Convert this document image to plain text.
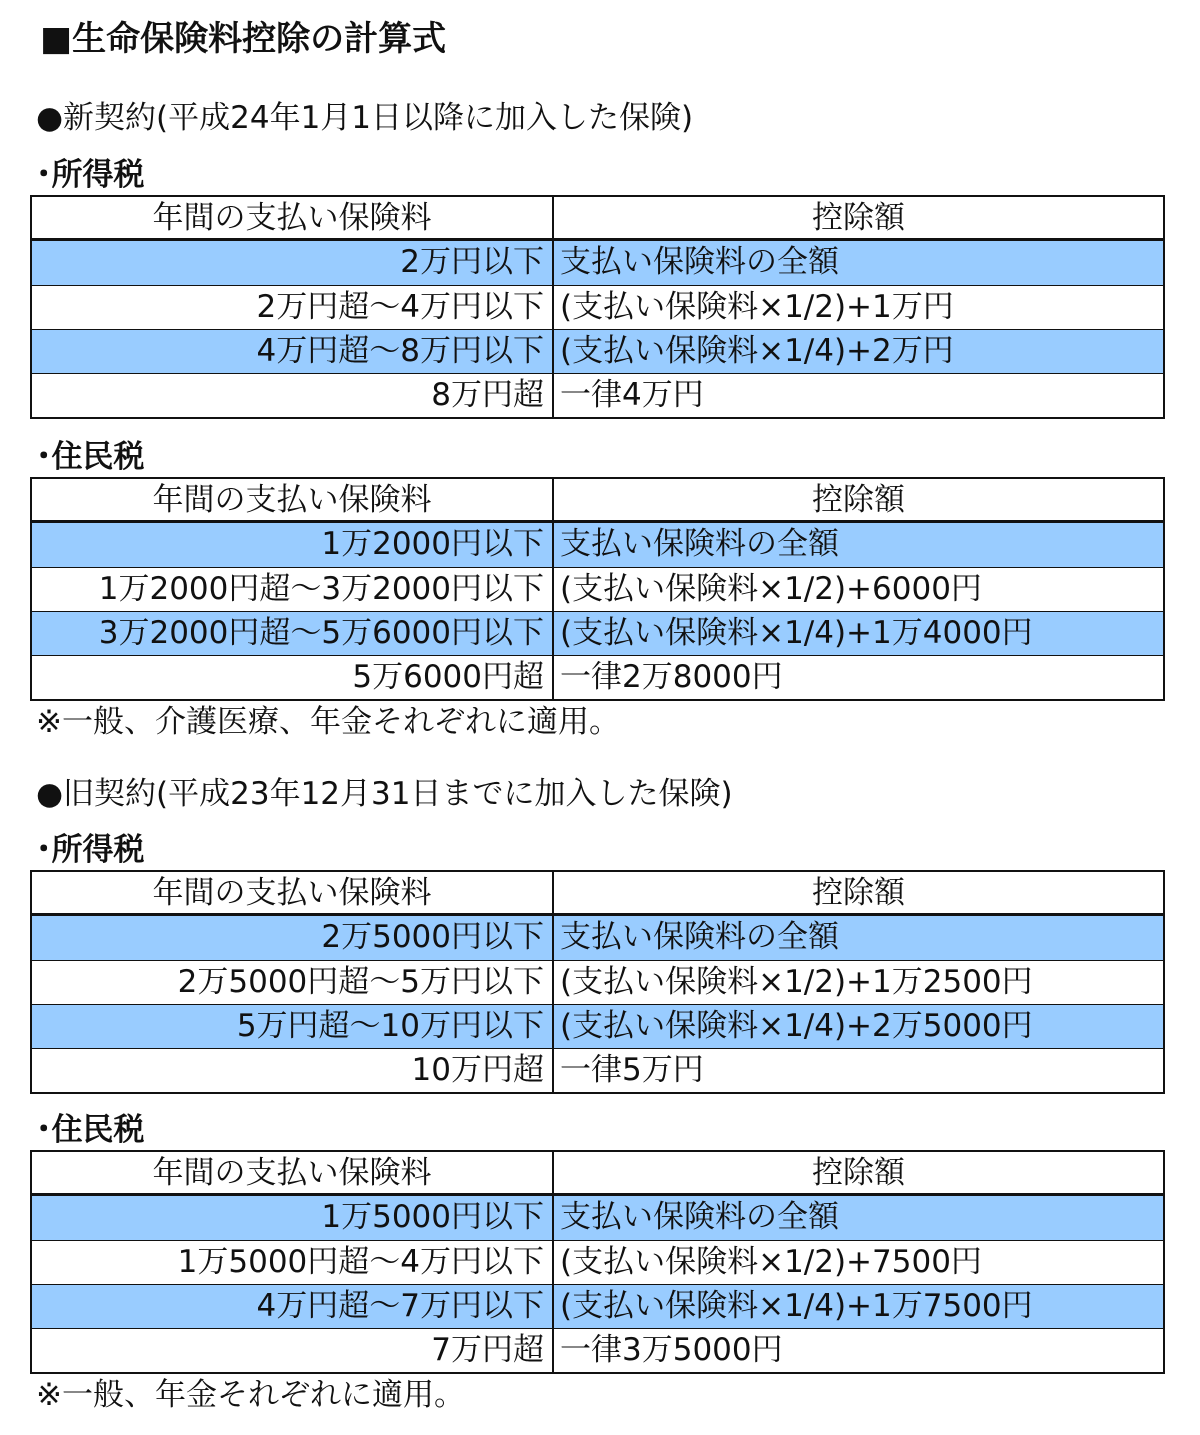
■生命保険料控除の計算式
●新契約(平成24年1月1日以降に加入した保険)
･所得税
年間の支払い保険料	控除額
2万円以下 支払い保険料の全額
2万円超～4万円以下 (支払い保険料×1/2)+1万円
4万円超～8万円以下 (支払い保険料×1/4)+2万円
8万円超 一律4万円
･住民税
年間の支払い保険料	控除額
1万2000円以下 支払い保険料の全額
1万2000円超～3万2000円以下 (支払い保険料×1/2)+6000円
3万2000円超～5万6000円以下 (支払い保険料×1/4)+1万4000円
5万6000円超 一律2万8000円
※一般、介護医療、年金それぞれに適用。
●旧契約(平成23年12月31日までに加入した保険)
･所得税
年間の支払い保険料	控除額
2万5000円以下 支払い保険料の全額
2万5000円超～5万円以下 (支払い保険料×1/2)+1万2500円
5万円超～10万円以下 (支払い保険料×1/4)+2万5000円
10万円超 一律5万円
･住民税
年間の支払い保険料	控除額
1万5000円以下 支払い保険料の全額
1万5000円超～4万円以下 (支払い保険料×1/2)+7500円
4万円超～7万円以下 (支払い保険料×1/4)+1万7500円
7万円超 一律3万5000円
※一般、年金それぞれに適用。
